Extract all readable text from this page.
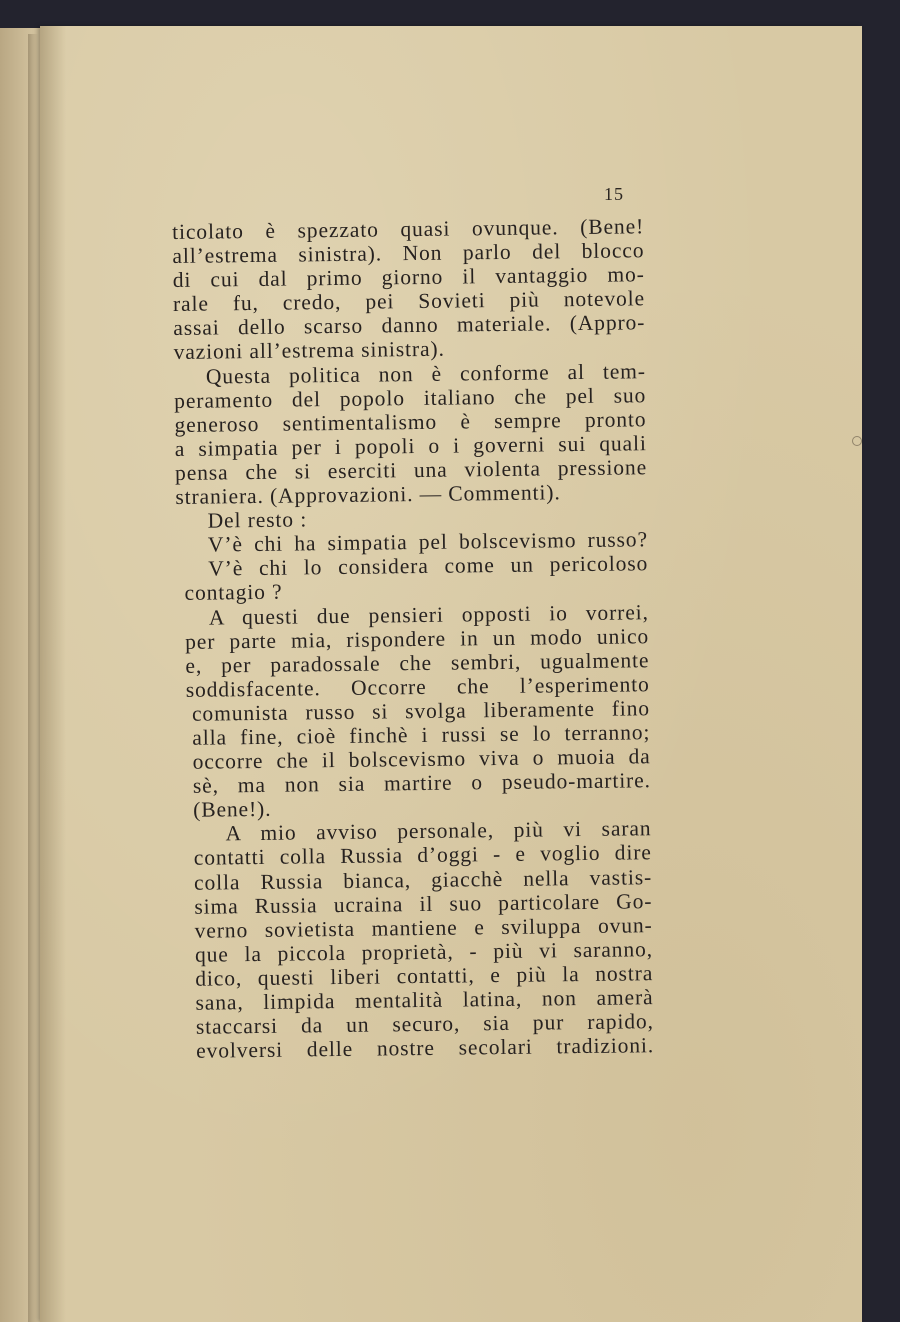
15
ticolato è spezzato quasi ovunque. (Bene!
all’estrema sinistra). Non parlo del blocco
di cui dal primo giorno il vantaggio mo-
rale fu, credo, pei Sovieti più notevole
assai dello scarso danno materiale. (Appro-
vazioni all’estrema sinistra).
Questa politica non è conforme al tem-
peramento del popolo italiano che pel suo
generoso sentimentalismo è sempre pronto
a simpatia per i popoli o i governi sui quali
pensa che si eserciti una violenta pressione
straniera. (Approvazioni. — Commenti).
Del resto :
V’è chi ha simpatia pel bolscevismo russo?
V’è chi lo considera come un pericoloso
contagio ?
A questi due pensieri opposti io vorrei,
per parte mia, rispondere in un modo unico
e, per paradossale che sembri, ugualmente
soddisfacente. Occorre che l’esperimento
comunista russo si svolga liberamente fino
alla fine, cioè finchè i russi se lo terranno;
occorre che il bolscevismo viva o muoia da
sè, ma non sia martire o pseudo-martire.
(Bene!).
A mio avviso personale, più vi saran
contatti colla Russia d’oggi - e voglio dire
colla Russia bianca, giacchè nella vastis-
sima Russia ucraina il suo particolare Go-
verno sovietista mantiene e sviluppa ovun-
que la piccola proprietà, - più vi saranno,
dico, questi liberi contatti, e più la nostra
sana, limpida mentalità latina, non amerà
staccarsi da un securo, sia pur rapido,
evolversi delle nostre secolari tradizioni.
